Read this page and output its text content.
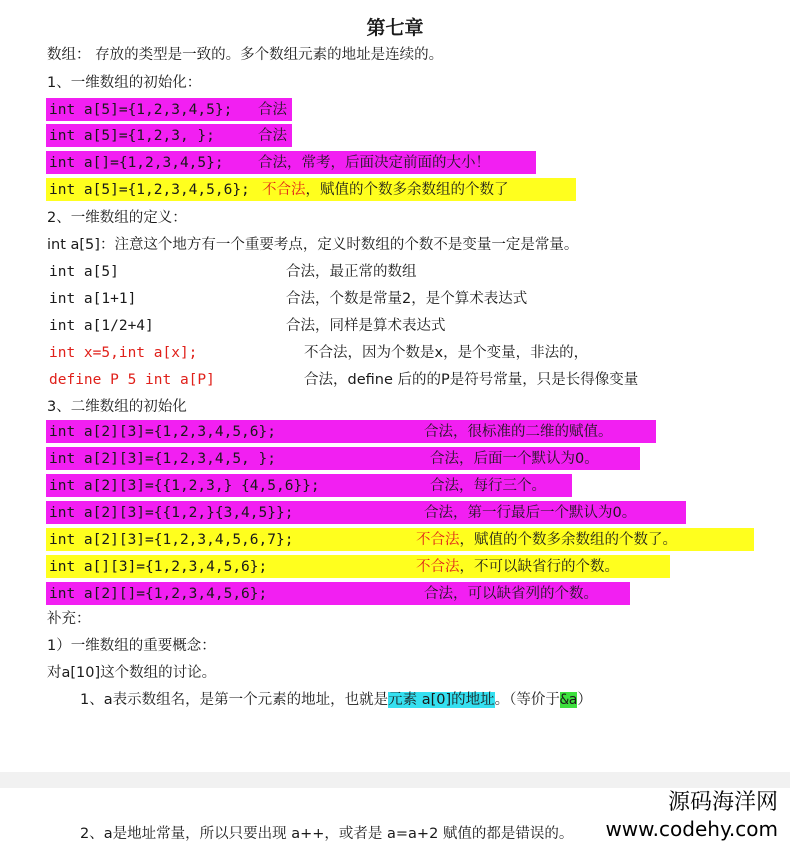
第七章
数组： 存放的类型是一致的。多个数组元素的地址是连续的。
1、一维数组的初始化：
int a[5]={1,2,3,4,5}; 合法
int a[5]={1,2,3, };	合法
int a[]={1,2,3,4,5}; 合法，常考，后面决定前面的大小！
int a[5]={1,2,3,4,5,6}; 不合法，赋值的个数多余数组的个数了
2、一维数组的定义：
int a[5]：注意这个地方有一个重要考点，定义时数组的个数不是变量一定是常量。
int a[5]	合法，最正常的数组
int a[1+1]	合法，个数是常量2，是个算术表达式
int a[1/2+4]	合法，同样是算术表达式
int x=5,int a[x];	不合法，因为个数是x，是个变量，非法的，
define P 5 int a[P]	合法，define 后的的P是符号常量，只是长得像变量
3、二维数组的初始化
int a[2][3]={1,2,3,4,5,6};	合法，很标准的二维的赋值。
int a[2][3]={1,2,3,4,5, };	合法，后面一个默认为0。
int a[2][3]={{1,2,3,} {4,5,6}};	合法，每行三个。
int a[2][3]={{1,2,}{3,4,5}};	合法，第一行最后一个默认为0。
int a[2][3]={1,2,3,4,5,6,7};	不合法，赋值的个数多余数组的个数了。
int a[][3]={1,2,3,4,5,6};	不合法，不可以缺省行的个数。
int a[2][]={1,2,3,4,5,6};	合法，可以缺省列的个数。
补充：
1）一维数组的重要概念：
对a[10]这个数组的讨论。
1、a表示数组名，是第一个元素的地址，也就是元素 a[0]的地址。（等价于&a）
2、a是地址常量，所以只要出现 a++，或者是 a=a+2 赋值的都是错误的。
源码海洋网
www.codehy.com
